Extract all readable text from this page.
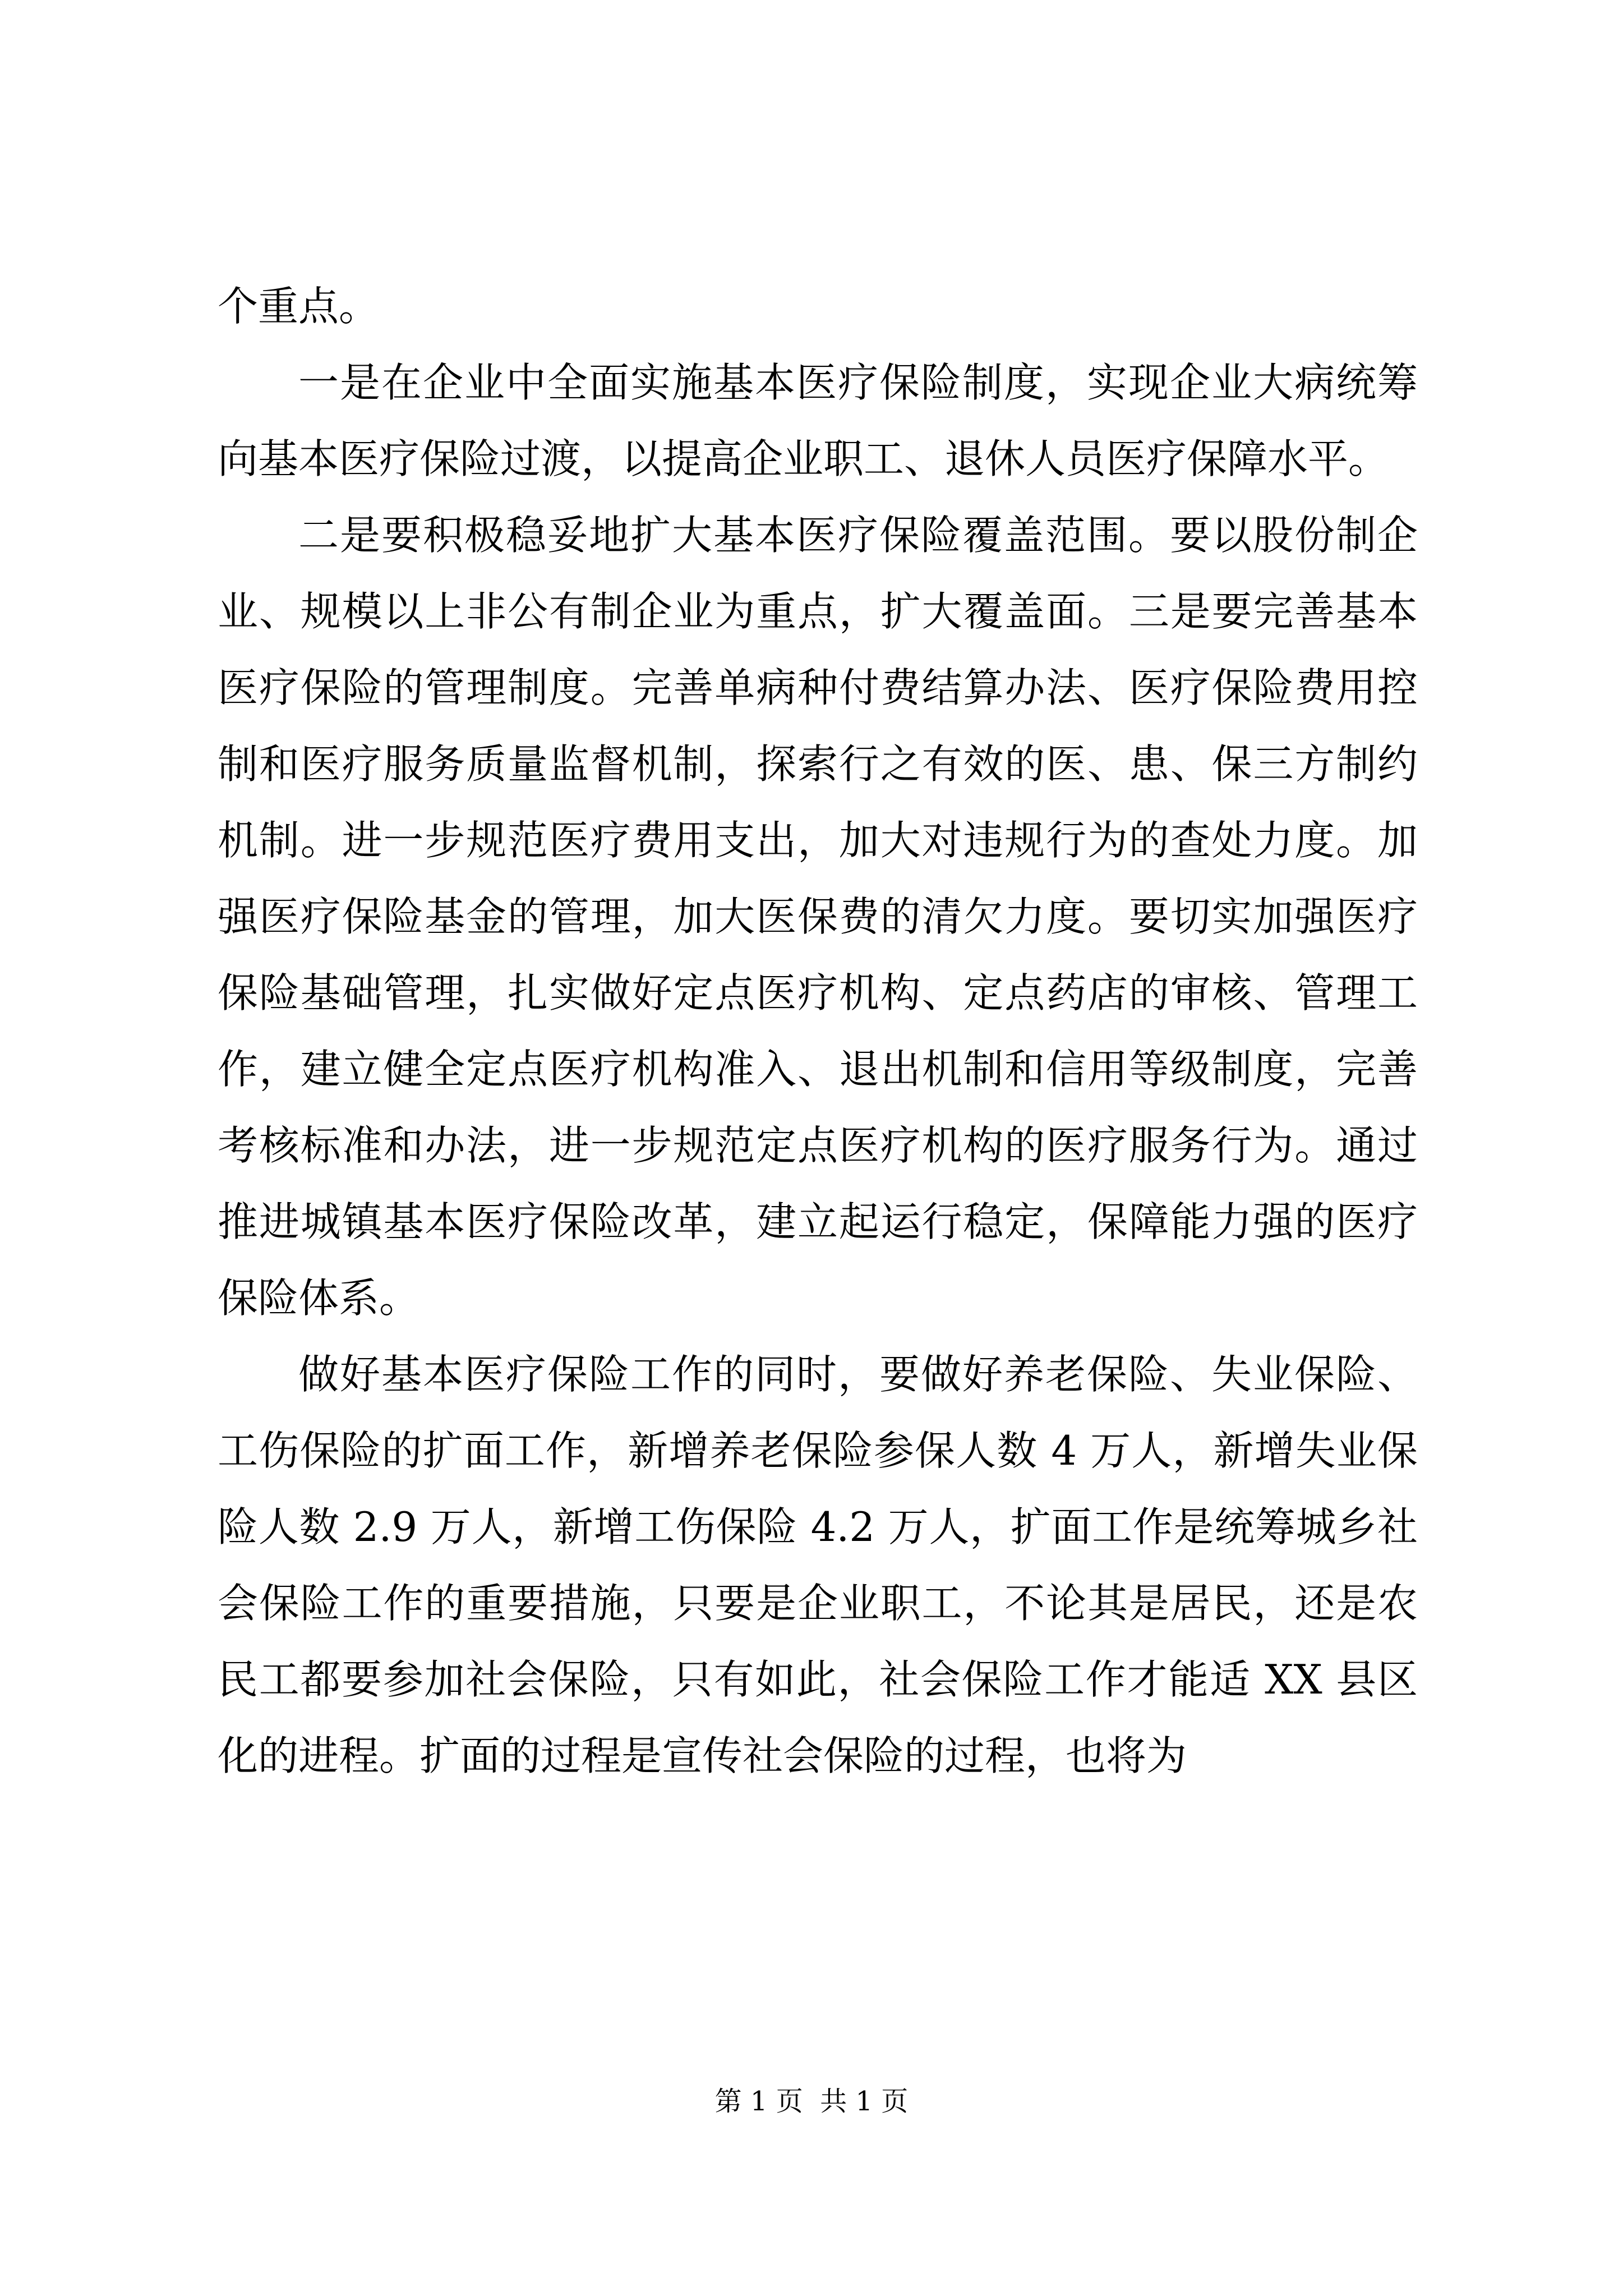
个重点。

一是在企业中全面实施基本医疗保险制度，实现企业大病统筹向基本医疗保险过渡，以提高企业职工、退休人员医疗保障水平。

二是要积极稳妥地扩大基本医疗保险覆盖范围。要以股份制企业、规模以上非公有制企业为重点，扩大覆盖面。三是要完善基本医疗保险的管理制度。完善单病种付费结算办法、医疗保险费用控制和医疗服务质量监督机制，探索行之有效的医、患、保三方制约机制。进一步规范医疗费用支出，加大对违规行为的查处力度。加强医疗保险基金的管理，加大医保费的清欠力度。要切实加强医疗保险基础管理，扎实做好定点医疗机构、定点药店的审核、管理工作，建立健全定点医疗机构准入、退出机制和信用等级制度，完善考核标准和办法，进一步规范定点医疗机构的医疗服务行为。通过推进城镇基本医疗保险改革，建立起运行稳定，保障能力强的医疗保险体系。

做好基本医疗保险工作的同时，要做好养老保险、失业保险、工伤保险的扩面工作，新增养老保险参保人数 4 万人，新增失业保险人数 2.9 万人，新增工伤保险 4.2 万人，扩面工作是统筹城乡社会保险工作的重要措施，只要是企业职工，不论其是居民，还是农民工都要参加社会保险，只有如此，社会保险工作才能适 XX 县区化的进程。扩面的过程是宣传社会保险的过程，也将为

第 1 页  共 1 页
